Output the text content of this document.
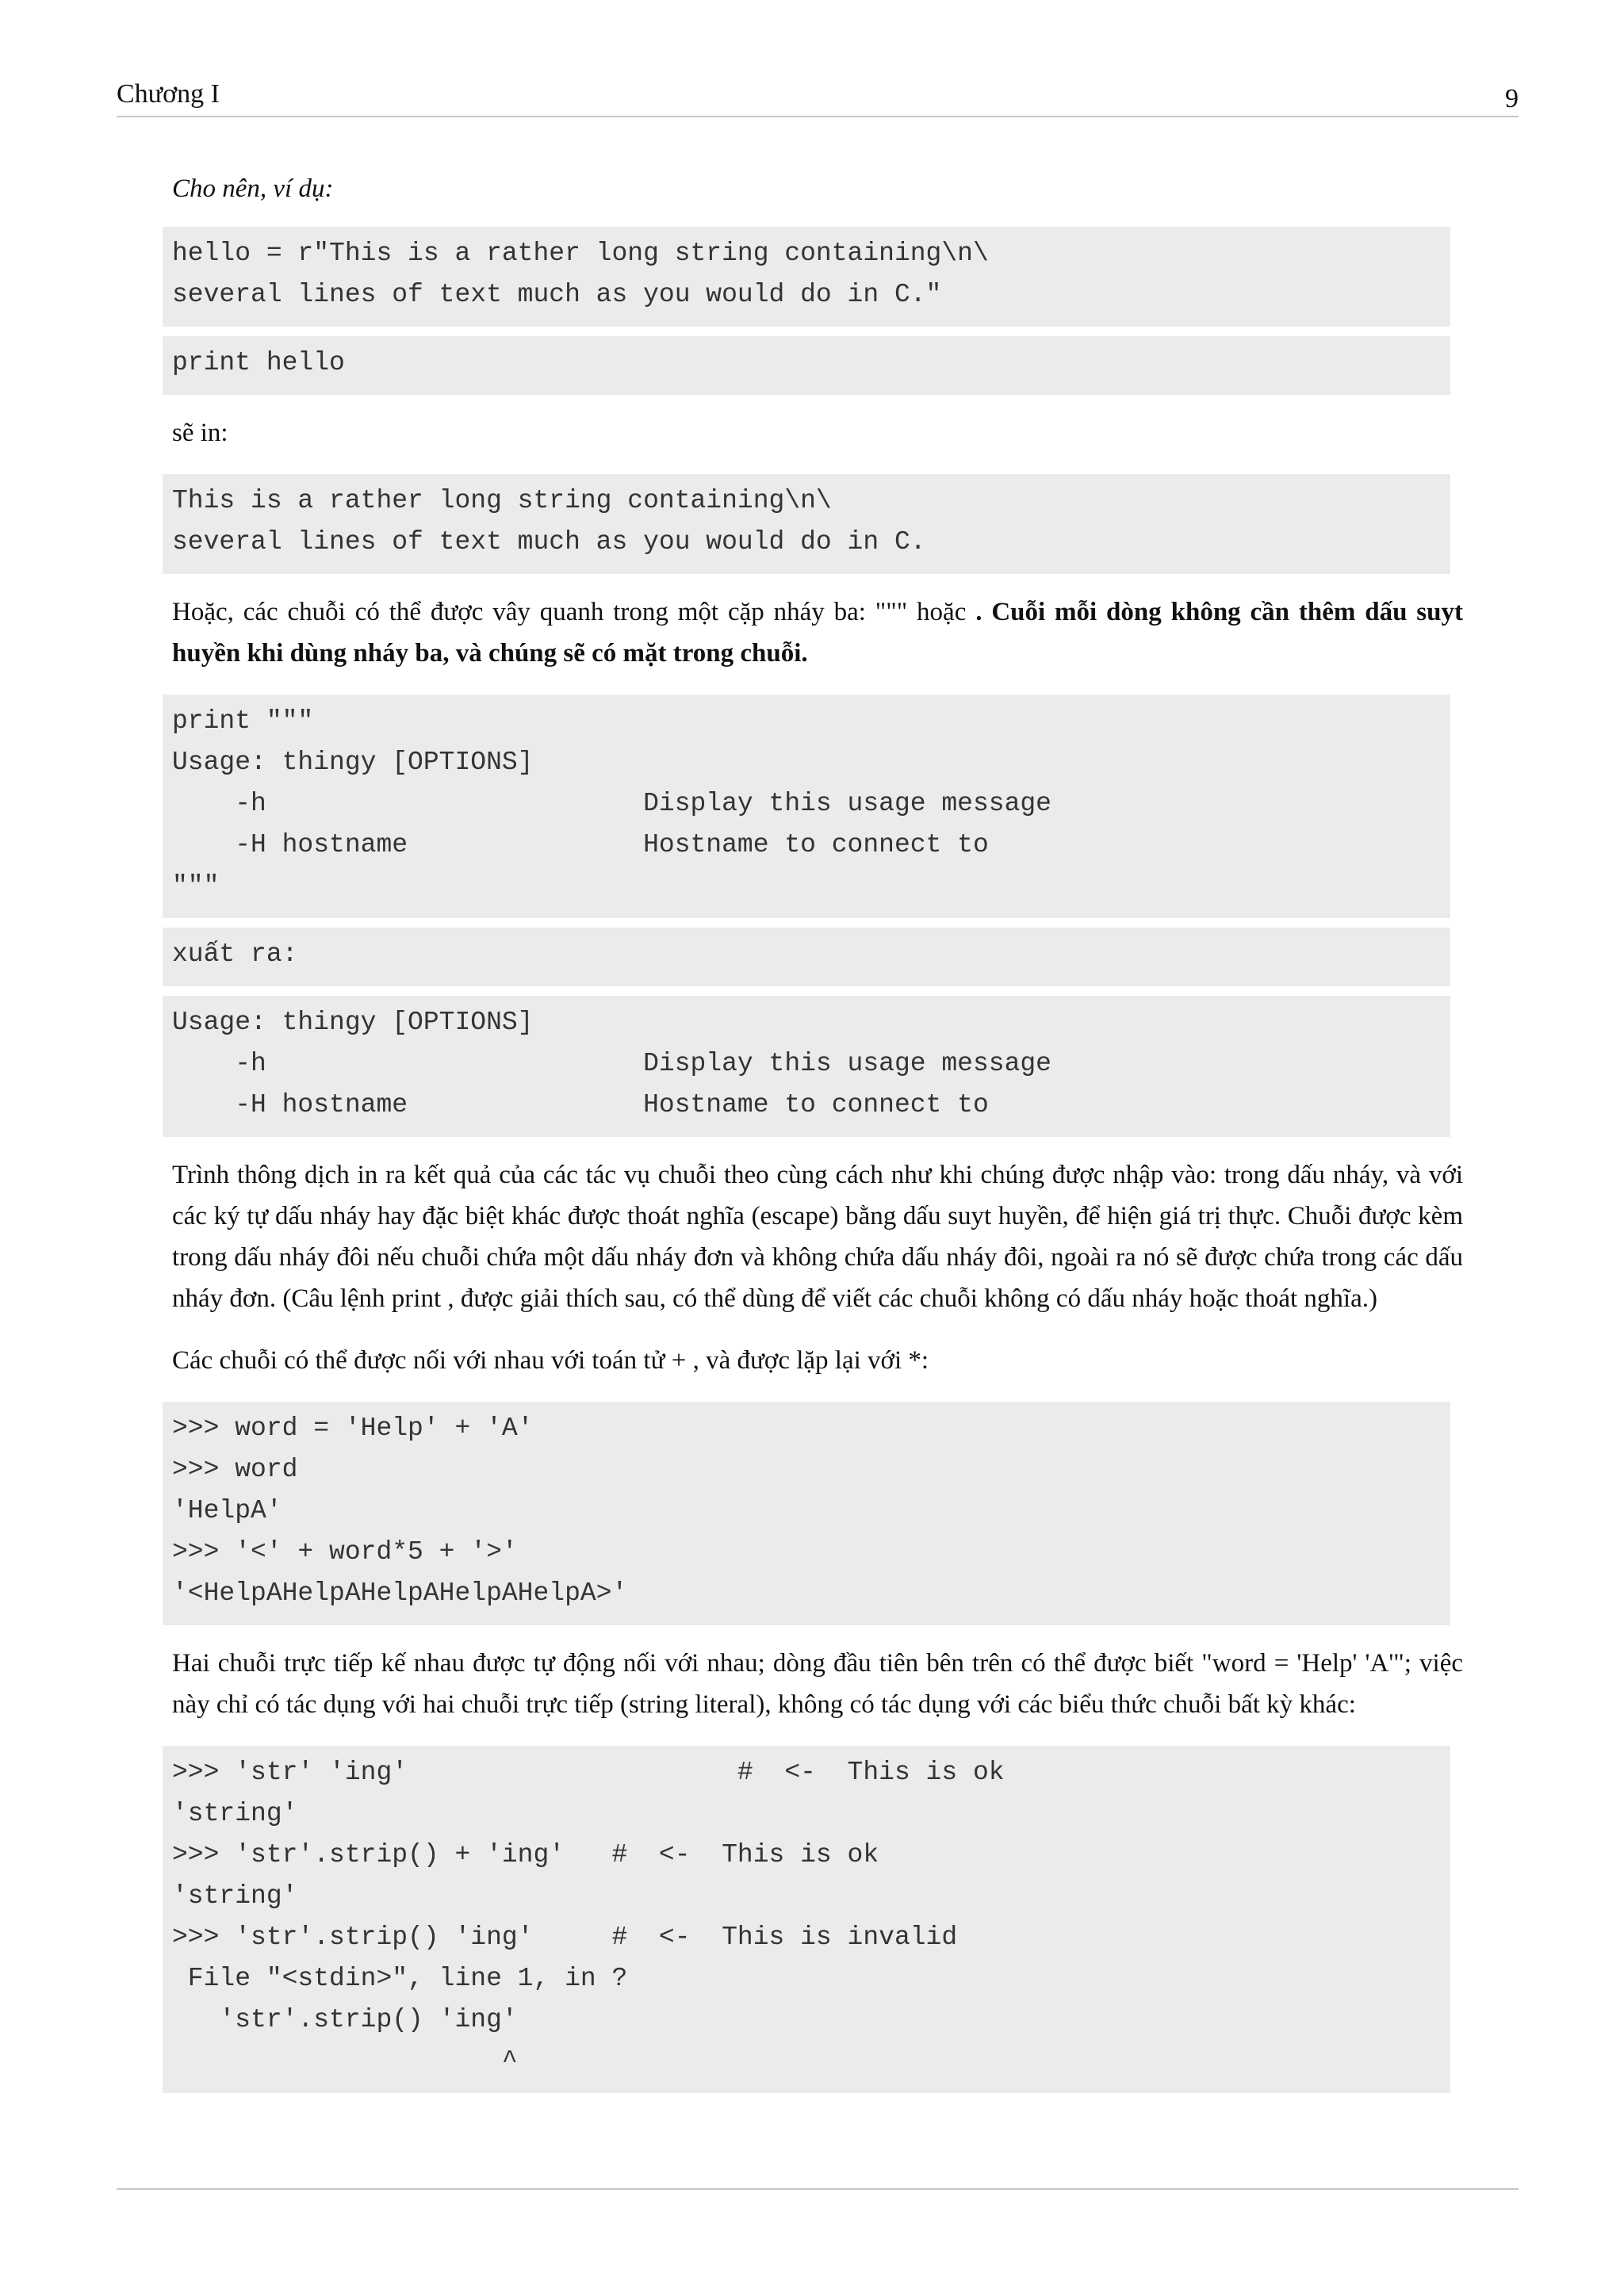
Chương I	9

Cho nên, ví dụ:

hello = r"This is a rather long string containing\n\
several lines of text much as you would do in C."
print hello

sẽ in:

This is a rather long string containing\n\
several lines of text much as you would do in C.

Hoặc, các chuỗi có thể được vây quanh trong một cặp nháy ba: """ hoặc . Cuỗi mỗi dòng không cần thêm dấu suyt huyền khi dùng nháy ba, và chúng sẽ có mặt trong chuỗi.

print """
Usage: thingy [OPTIONS]
-h                        Display this usage message
-H hostname               Hostname to connect to
"""
xuất ra:
Usage: thingy [OPTIONS]
-h                        Display this usage message
-H hostname               Hostname to connect to

Trình thông dịch in ra kết quả của các tác vụ chuỗi theo cùng cách như khi chúng được nhập vào: trong dấu nháy, và với các ký tự dấu nháy hay đặc biệt khác được thoát nghĩa (escape) bằng dấu suyt huyền, để hiện giá trị thực. Chuỗi được kèm trong dấu nháy đôi nếu chuỗi chứa một dấu nháy đơn và không chứa dấu nháy đôi, ngoài ra nó sẽ được chứa trong các dấu nháy đơn. (Câu lệnh print , được giải thích sau, có thể dùng để viết các chuỗi không có dấu nháy hoặc thoát nghĩa.)

Các chuỗi có thể được nối với nhau với toán tử + , và được lặp lại với *:

>>> word = 'Help' + 'A'
>>> word
'HelpA'
>>> '<' + word*5 + '>'
'<HelpAHelpAHelpAHelpAHelpA>'

Hai chuỗi trực tiếp kế nhau được tự động nối với nhau; dòng đầu tiên bên trên có thể được biết "word = 'Help' 'A'"; việc này chỉ có tác dụng với hai chuỗi trực tiếp (string literal), không có tác dụng với các biểu thức chuỗi bất kỳ khác:

>>> 'str' 'ing'                     #  <-  This is ok
'string'
>>> 'str'.strip() + 'ing'   #  <-  This is ok
'string'
>>> 'str'.strip() 'ing'     #  <-  This is invalid
File "<stdin>", line 1, in ?
'str'.strip() 'ing'
^
